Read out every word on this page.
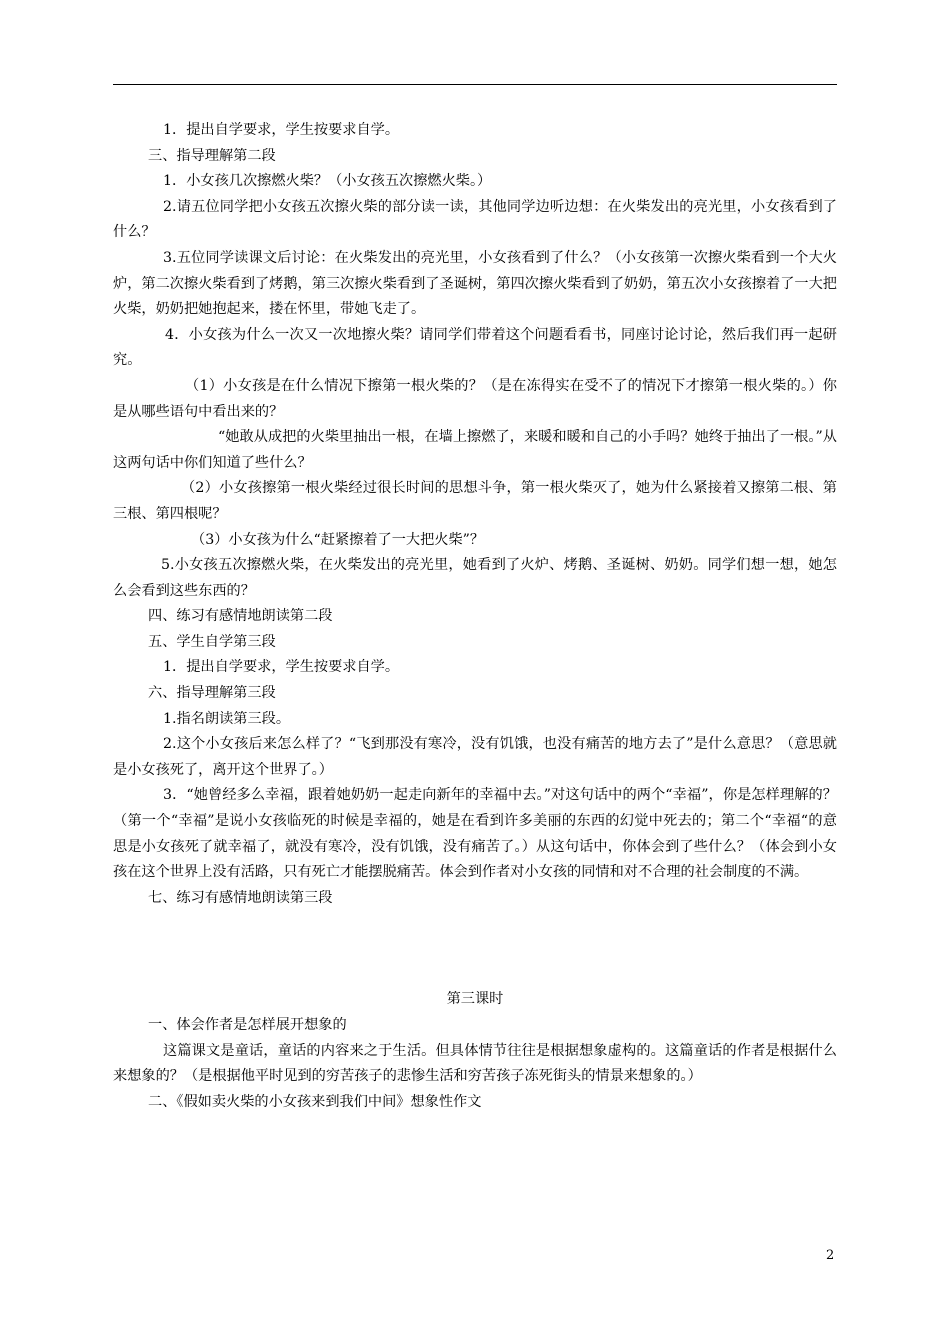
1．提出自学要求，学生按要求自学。

三、指导理解第二段

1．小女孩几次擦燃火柴？（小女孩五次擦燃火柴。）

2.请五位同学把小女孩五次擦火柴的部分读一读，其他同学边听边想：在火柴发出的亮光里，小女孩看到了什么？

3.五位同学读课文后讨论：在火柴发出的亮光里，小女孩看到了什么？（小女孩第一次擦火柴看到一个大火炉，第二次擦火柴看到了烤鹅，第三次擦火柴看到了圣诞树，第四次擦火柴看到了奶奶，第五次小女孩擦着了一大把火柴，奶奶把她抱起来，搂在怀里，带她飞走了。

4．小女孩为什么一次又一次地擦火柴？请同学们带着这个问题看看书，同座讨论讨论，然后我们再一起研究。

（1）小女孩是在什么情况下擦第一根火柴的？（是在冻得实在受不了的情况下才擦第一根火柴的。）你是从哪些语句中看出来的？

“她敢从成把的火柴里抽出一根，在墙上擦燃了，来暖和暖和自己的小手吗？她终于抽出了一根。”从这两句话中你们知道了些什么？

（2）小女孩擦第一根火柴经过很长时间的思想斗争，第一根火柴灭了，她为什么紧接着又擦第二根、第三根、第四根呢？

（3）小女孩为什么“赶紧擦着了一大把火柴”？

5.小女孩五次擦燃火柴，在火柴发出的亮光里，她看到了火炉、烤鹅、圣诞树、奶奶。同学们想一想，她怎么会看到这些东西的？

四、练习有感情地朗读第二段

五、学生自学第三段

1．提出自学要求，学生按要求自学。

六、指导理解第三段

1.指名朗读第三段。

2.这个小女孩后来怎么样了？“飞到那没有寒冷，没有饥饿，也没有痛苦的地方去了”是什么意思？（意思就是小女孩死了，离开这个世界了。）

3．“她曾经多么幸福，跟着她奶奶一起走向新年的幸福中去。”对这句话中的两个“幸福”，你是怎样理解的？（第一个“幸福”是说小女孩临死的时候是幸福的，她是在看到许多美丽的东西的幻觉中死去的；第二个“幸福“的意思是小女孩死了就幸福了，就没有寒冷，没有饥饿，没有痛苦了。）从这句话中，你体会到了些什么？（体会到小女孩在这个世界上没有活路，只有死亡才能摆脱痛苦。体会到作者对小女孩的同情和对不合理的社会制度的不满。

七、练习有感情地朗读第三段

第三课时

一、体会作者是怎样展开想象的

这篇课文是童话，童话的内容来之于生活。但具体情节往往是根据想象虚构的。这篇童话的作者是根据什么来想象的？（是根据他平时见到的穷苦孩子的悲惨生活和穷苦孩子冻死街头的情景来想象的。）

二、《假如卖火柴的小女孩来到我们中间》想象性作文

2
